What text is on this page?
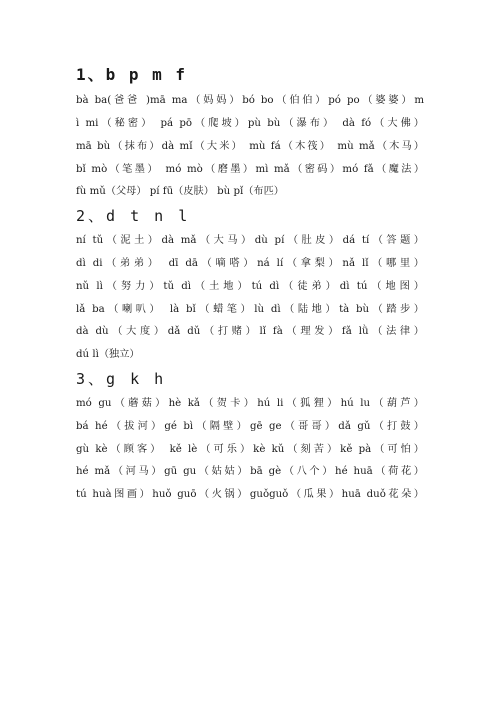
1、b p m f
bà ba(爸爸 )mā ma（妈妈）bó bo（伯伯）pó po（婆婆）m
ì mi（秘密） pá pō（爬坡）pù bù（瀑布） dà fó（大佛）
mā bù（抹布）dà mǐ（大米） mù fá（木筏） mù mǎ（木马）
bǐ mò（笔墨） mó mò（磨墨）mì mǎ（密码）mó fǎ（魔法）
fù mǔ（父母） pí fū（皮肤） bù pǐ（布匹）
2、d t n l
ní tǔ（泥土）dà mǎ（大马）dù pí（肚皮）dá tí（答题）
dì di（弟弟） dī dā（嘀嗒）ná lí（拿梨）nǎ lǐ（哪里）
nǔ lì（努力）tǔ dì（土地）tú dì（徒弟）dì tú（地图）
lǎ ba（喇叭） là bǐ（蜡笔）lù dì（陆地）tà bù（踏步）
dà dù（大度）dǎ dǔ（打赌）lǐ fà（理发）fǎ lǜ（法律）
dú lì（独立）
3、g k h
mó gu（蘑菇）hè kǎ（贺卡）hú li（狐狸）hú lu（葫芦）
bá hé（拔河）gé bì（隔壁）gē ge（哥哥）dǎ gǔ（打鼓）
gù kè（顾客） kě lè（可乐）kè kǔ（刻苦）kě pà（可怕）
hé mǎ（河马）gū gu（姑姑）bā gè（八个）hé huā（荷花）
tú huà图画）huǒ guō（火锅）guǒguǒ（瓜果）huā duǒ花朵）
